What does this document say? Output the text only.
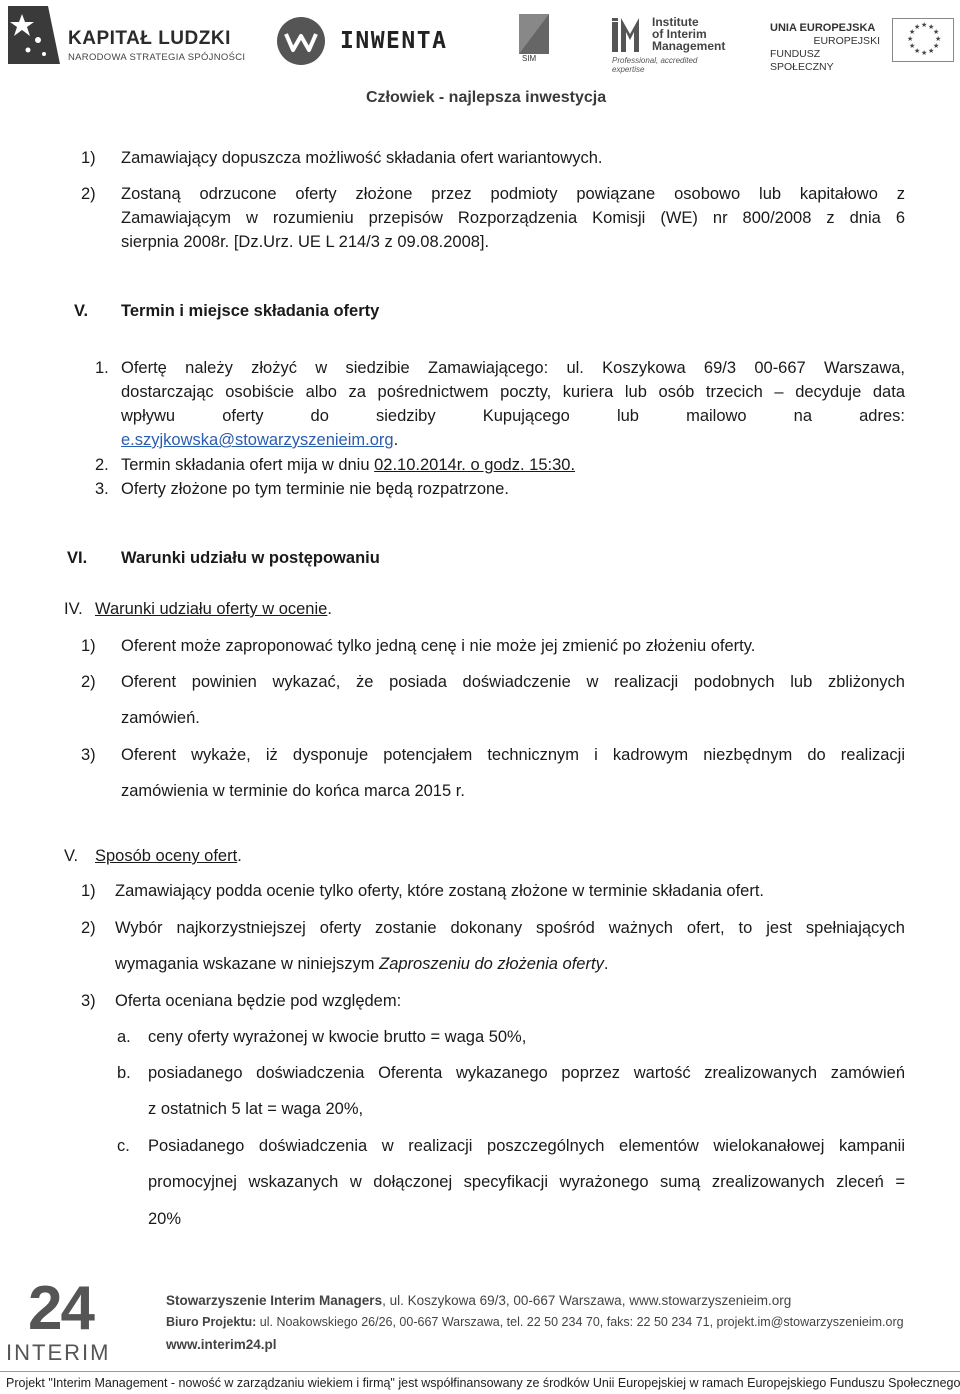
KAPITAŁ LUDZKI
NARODOWA STRATEGIA SPÓJNOŚCI
INWENTA
SIM
Institute
of Interim
Management
Professional, accredited expertise
UNIA EUROPEJSKA
EUROPEJSKI
FUNDUSZ SPOŁECZNY
★ ★
★
★
★
★
★
★
★
★
★
★
Człowiek - najlepsza inwestycja
1) Zamawiający dopuszcza możliwość składania ofert wariantowych.
2) Zostaną odrzucone oferty złożone przez podmioty powiązane osobowo lub kapitałowo z
Zamawiającym w rozumieniu przepisów Rozporządzenia Komisji (WE) nr 800/2008 z dnia 6
sierpnia 2008r. [Dz.Urz. UE L 214/3 z 09.08.2008].
V. Termin i miejsce składania oferty
1. Ofertę należy złożyć w siedzibie Zamawiającego: ul. Koszykowa 69/3 00-667 Warszawa,
dostarczając osobiście albo za pośrednictwem poczty, kuriera lub osób trzecich – decyduje data
wpływu oferty do siedziby Kupującego lub mailowo na adres:
e.szyjkowska@stowarzyszenieim.org.
2. Termin składania ofert mija w dniu 02.10.2014r. o godz. 15:30.
3. Oferty złożone po tym terminie nie będą rozpatrzone.
VI. Warunki udziału w postępowaniu
IV. Warunki udziału oferty w ocenie.
1) Oferent może zaproponować tylko jedną cenę i nie może jej zmienić po złożeniu oferty.
2) Oferent powinien wykazać, że posiada doświadczenie w realizacji podobnych lub zbliżonych
zamówień.
3) Oferent wykaże, iż dysponuje potencjałem technicznym i kadrowym niezbędnym do realizacji
zamówienia w terminie do końca marca 2015 r.
V. Sposób oceny ofert.
1) Zamawiający podda ocenie tylko oferty, które zostaną złożone w terminie składania ofert.
2) Wybór najkorzystniejszej oferty zostanie dokonany spośród ważnych ofert, to jest spełniających
wymagania wskazane w niniejszym Zaproszeniu do złożenia oferty.
3) Oferta oceniana będzie pod względem:
a. ceny oferty wyrażonej w kwocie brutto = waga 50%,
b. posiadanego doświadczenia Oferenta wykazanego poprzez wartość zrealizowanych zamówień
z ostatnich 5 lat = waga 20%,
c. Posiadanego doświadczenia w realizacji poszczególnych elementów wielokanałowej kampanii
promocyjnej wskazanych w dołączonej specyfikacji wyrażonego sumą zrealizowanych zleceń =
20%
24
INTERIM
Stowarzyszenie Interim Managers, ul. Koszykowa 69/3, 00-667 Warszawa, www.stowarzyszenieim.org
Biuro Projektu: ul. Noakowskiego 26/26, 00-667 Warszawa, tel. 22 50 234 70, faks: 22 50 234 71, projekt.im@stowarzyszenieim.org
www.interim24.pl
Projekt "Interim Management - nowość w zarządzaniu wiekiem i firmą" jest współfinansowany ze środków Unii Europejskiej w ramach Europejskiego Funduszu Społecznego
